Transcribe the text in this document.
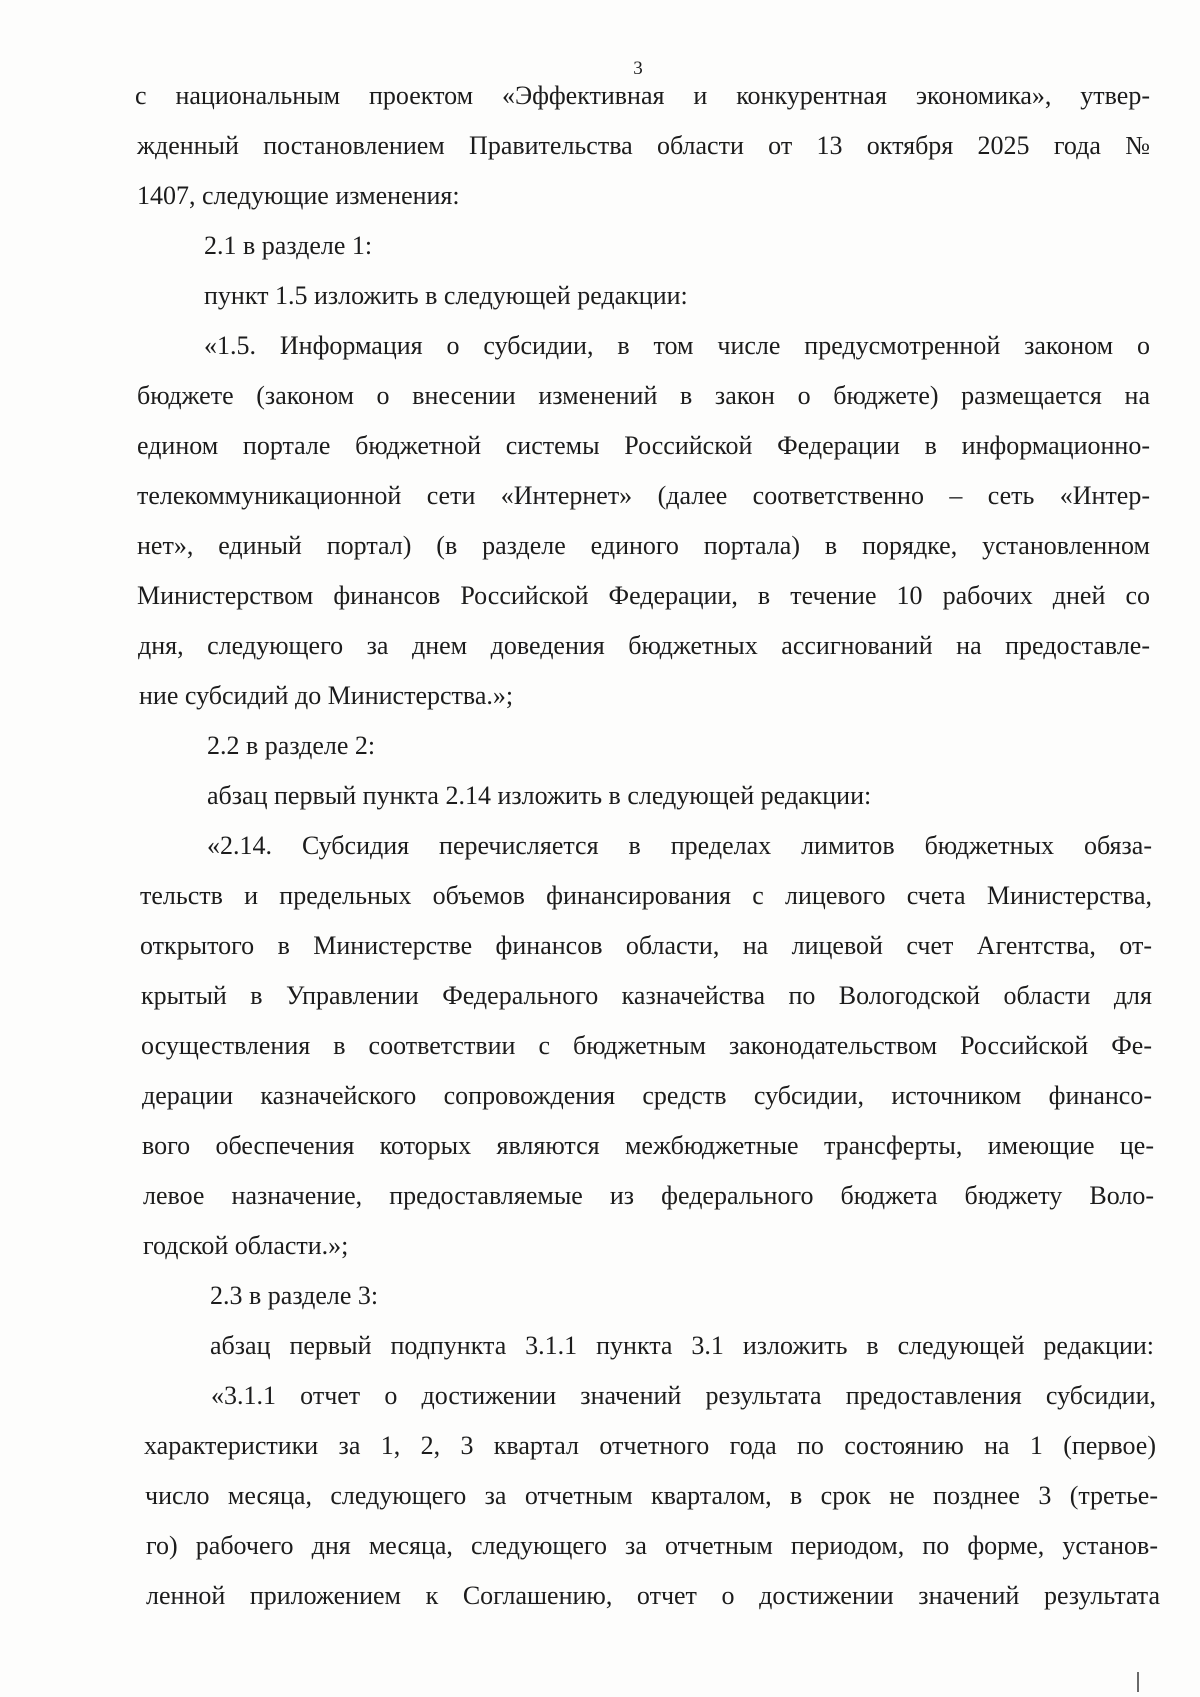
3
с национальным проектом «Эффективная и конкурентная экономика», утвер-
жденный постановлением Правительства области от 13 октября 2025 года №
1407, следующие изменения:
2.1 в разделе 1:
пункт 1.5 изложить в следующей редакции:
«1.5. Информация о субсидии, в том числе предусмотренной законом о
бюджете (законом о внесении изменений в закон о бюджете) размещается на
едином портале бюджетной системы Российской Федерации в информационно-
телекоммуникационной сети «Интернет» (далее соответственно – сеть «Интер-
нет», единый портал) (в разделе единого портала) в порядке, установленном
Министерством финансов Российской Федерации, в течение 10 рабочих дней со
дня, следующего за днем доведения бюджетных ассигнований на предоставле-
ние субсидий до Министерства.»;
2.2 в разделе 2:
абзац первый пункта 2.14 изложить в следующей редакции:
«2.14. Субсидия перечисляется в пределах лимитов бюджетных обяза-
тельств и предельных объемов финансирования с лицевого счета Министерства,
открытого в Министерстве финансов области, на лицевой счет Агентства, от-
крытый в Управлении Федерального казначейства по Вологодской области для
осуществления в соответствии с бюджетным законодательством Российской Фе-
дерации казначейского сопровождения средств субсидии, источником финансо-
вого обеспечения которых являются межбюджетные трансферты, имеющие це-
левое назначение, предоставляемые из федерального бюджета бюджету Воло-
годской области.»;
2.3 в разделе 3:
абзац первый подпункта 3.1.1 пункта 3.1 изложить в следующей редакции:
«3.1.1 отчет о достижении значений результата предоставления субсидии,
характеристики за 1, 2, 3 квартал отчетного года по состоянию на 1 (первое)
число месяца, следующего за отчетным кварталом, в срок не позднее 3 (третье-
го) рабочего дня месяца, следующего за отчетным периодом, по форме, установ-
ленной приложением к Соглашению, отчет о достижении значений результата
